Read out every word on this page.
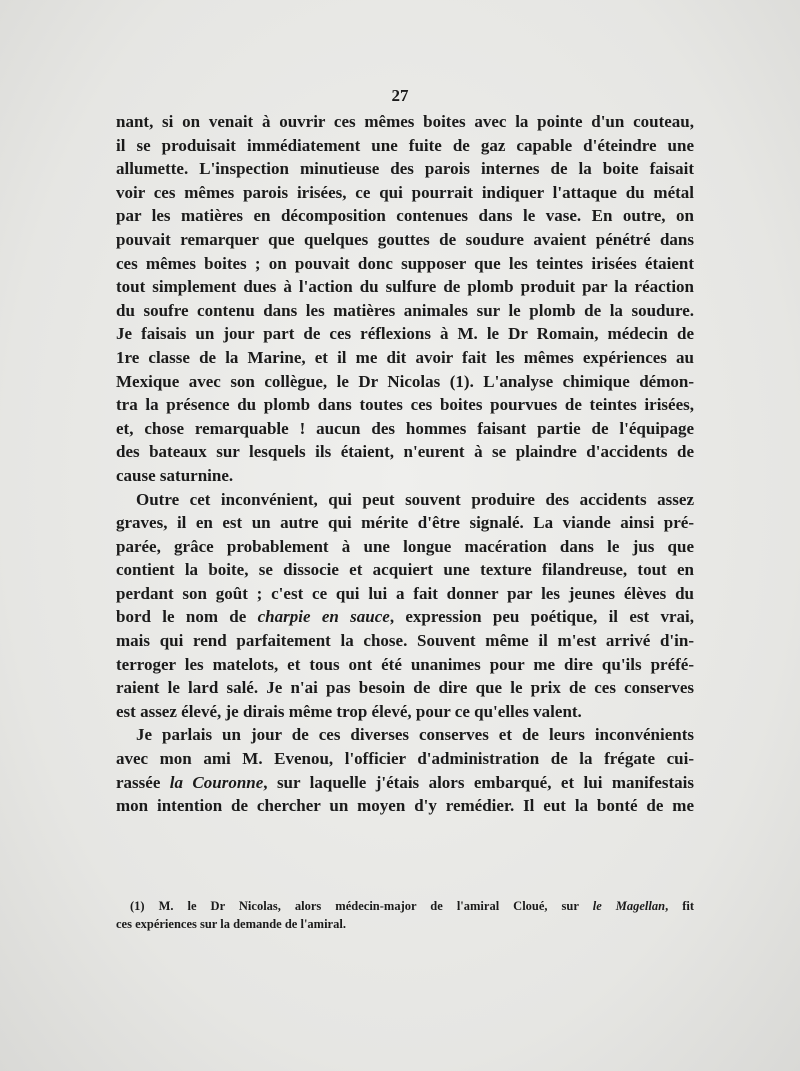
27
nant, si on venait à ouvrir ces mêmes boites avec la pointe d'un couteau,
il se produisait immédiatement une fuite de gaz capable d'éteindre une
allumette. L'inspection minutieuse des parois internes de la boite faisait
voir ces mêmes parois irisées, ce qui pourrait indiquer l'attaque du métal
par les matières en décomposition contenues dans le vase. En outre, on
pouvait remarquer que quelques gouttes de soudure avaient pénétré dans
ces mêmes boites ; on pouvait donc supposer que les teintes irisées étaient
tout simplement dues à l'action du sulfure de plomb produit par la réaction
du soufre contenu dans les matières animales sur le plomb de la soudure.
Je faisais un jour part de ces réflexions à M. le Dr Romain, médecin de
1re classe de la Marine, et il me dit avoir fait les mêmes expériences au
Mexique avec son collègue, le Dr Nicolas (1). L'analyse chimique démon-
tra la présence du plomb dans toutes ces boites pourvues de teintes irisées,
et, chose remarquable ! aucun des hommes faisant partie de l'équipage
des bateaux sur lesquels ils étaient, n'eurent à se plaindre d'accidents de
cause saturnine.
Outre cet inconvénient, qui peut souvent produire des accidents assez
graves, il en est un autre qui mérite d'être signalé. La viande ainsi pré-
parée, grâce probablement à une longue macération dans le jus que
contient la boite, se dissocie et acquiert une texture filandreuse, tout en
perdant son goût ; c'est ce qui lui a fait donner par les jeunes élèves du
bord le nom de charpie en sauce, expression peu poétique, il est vrai,
mais qui rend parfaitement la chose. Souvent même il m'est arrivé d'in-
terroger les matelots, et tous ont été unanimes pour me dire qu'ils préfé-
raient le lard salé. Je n'ai pas besoin de dire que le prix de ces conserves
est assez élevé, je dirais même trop élevé, pour ce qu'elles valent.
Je parlais un jour de ces diverses conserves et de leurs inconvénients
avec mon ami M. Evenou, l'officier d'administration de la frégate cui-
rassée la Couronne, sur laquelle j'étais alors embarqué, et lui manifestais
mon intention de chercher un moyen d'y remédier. Il eut la bonté de me
(1) M. le Dr Nicolas, alors médecin-major de l'amiral Cloué, sur le Magellan, fit
ces expériences sur la demande de l'amiral.
